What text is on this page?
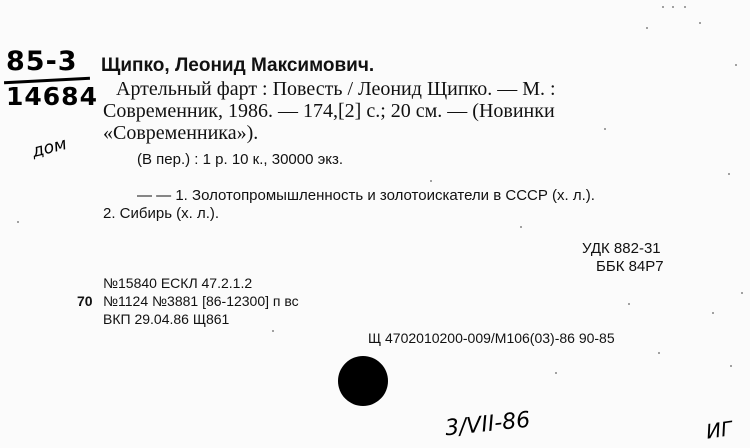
85-3
14684
дом
Щипко, Леонид Максимович.
Артельный фарт : Повесть / Леонид Щипко. — М. :
Современник, 1986. — 174,[2] с.; 20 см. — (Новинки
«Современника»).
(В пер.) : 1 р. 10 к., 30000 экз.
— — 1. Золотопромышленность и золотоискатели в СССР (х. л.).
2. Сибирь (х. л.).
УДК 882-31
ББК 84Р7
№15840 ЕСКЛ 47.2.1.2
70 №1124 №3881 [86-12300] п вс
ВКП 29.04.86 Щ861
Щ 4702010200-009/М106(03)-86 90-85
3/VII-86	ИГ
